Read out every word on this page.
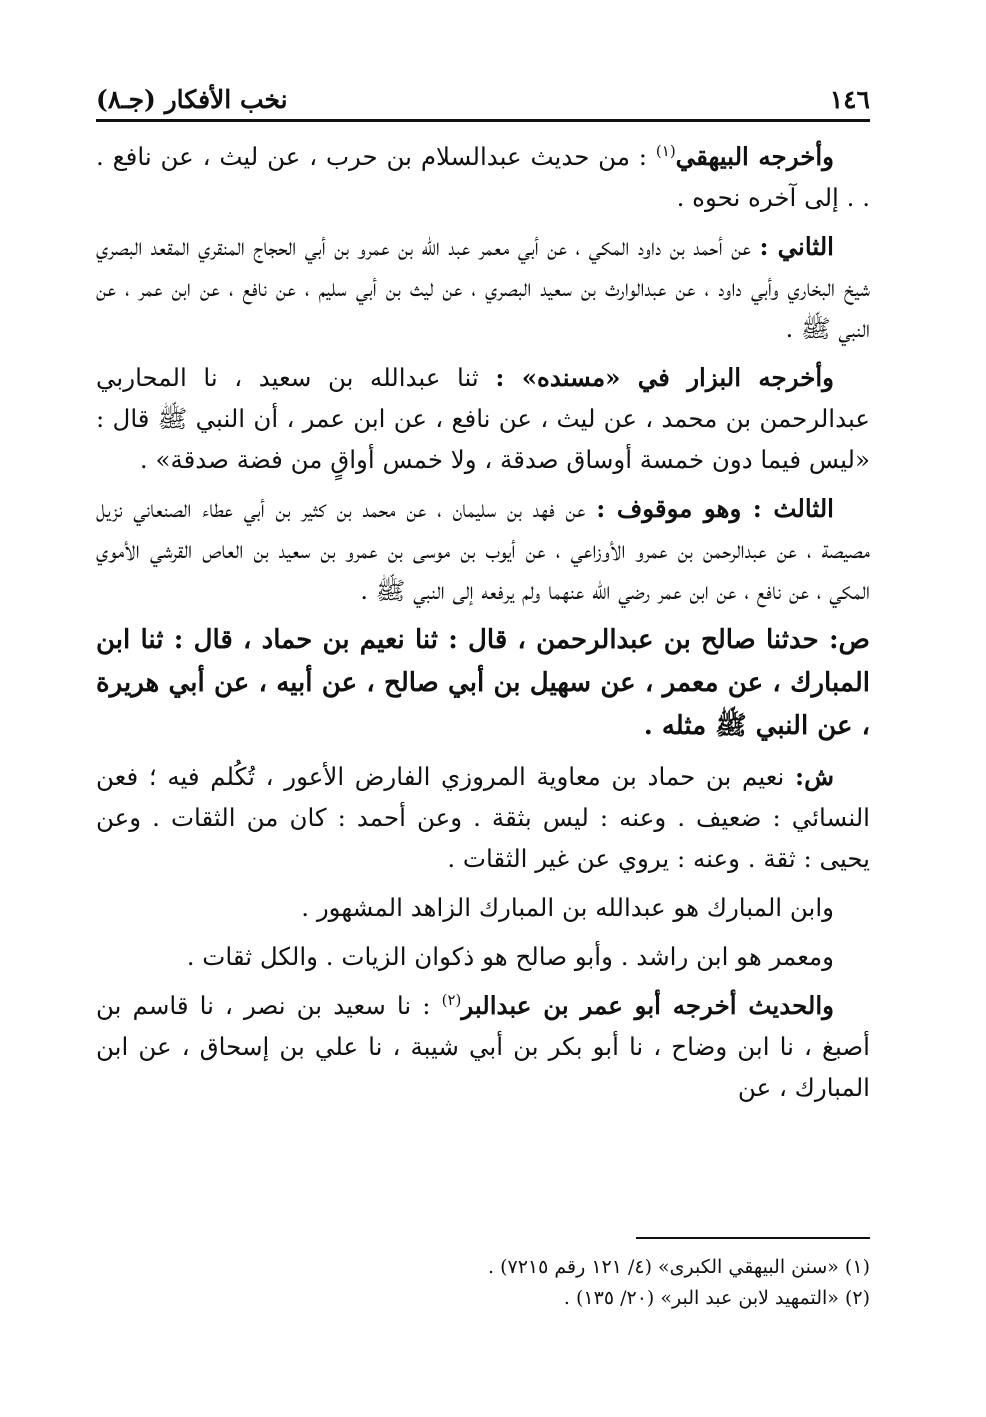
١٤٦
نخب الأفكار (جـ٨)

وأخرجه البيهقي$^{(١)}$ : من حديث عبدالسلام بن حرب ، عن ليث ، عن نافع . . . إلى آخره نحوه .

الثاني : عن أحمد بن داود المكي ، عن أبي معمر عبد الله بن عمرو بن أبي الحجاج المنقري المقعد البصري شيخ البخاري وأبي داود ، عن عبدالوارث بن سعيد البصري ، عن ليث بن أبي سليم ، عن نافع ، عن ابن عمر ، عن النبي ﷺ .

وأخرجه البزار في «مسنده» : ثنا عبدالله بن سعيد ، نا المحاربي عبدالرحمن بن محمد ، عن ليث ، عن نافع ، عن ابن عمر ، أن النبي ﷺ قال : «ليس فيما دون خمسة أوساق صدقة ، ولا خمس أواقٍ من فضة صدقة» .

الثالث : وهو موقوف : عن فهد بن سليمان ، عن محمد بن كثير بن أبي عطاء الصنعاني نزيل مصيصة ، عن عبدالرحمن بن عمرو الأوزاعي ، عن أيوب بن موسى بن عمرو بن سعيد بن العاص القرشي الأموي المكي ، عن نافع ، عن ابن عمر رضي الله عنهما ولم يرفعه إلى النبي ﷺ .

ص: حدثنا صالح بن عبدالرحمن ، قال : ثنا نعيم بن حماد ، قال : ثنا ابن المبارك ، عن معمر ، عن سهيل بن أبي صالح ، عن أبيه ، عن أبي هريرة ، عن النبي ﷺ مثله .

ش: نعيم بن حماد بن معاوية المروزي الفارض الأعور ، تُكُلم فيه ؛ فعن النسائي : ضعيف . وعنه : ليس بثقة . وعن أحمد : كان من الثقات . وعن يحيى : ثقة . وعنه : يروي عن غير الثقات .

وابن المبارك هو عبدالله بن المبارك الزاهد المشهور .

ومعمر هو ابن راشد . وأبو صالح هو ذكوان الزيات . والكل ثقات .

والحديث أخرجه أبو عمر بن عبدالبر$^{(٢)}$ : نا سعيد بن نصر ، نا قاسم بن أصبغ ، نا ابن وضاح ، نا أبو بكر بن أبي شيبة ، نا علي بن إسحاق ، عن ابن المبارك ، عن

(١) «سنن البيهقي الكبرى» (٤/ ١٢١ رقم ٧٢١٥) .

(٢) «التمهيد لابن عبد البر» (٢٠/ ١٣٥) .
